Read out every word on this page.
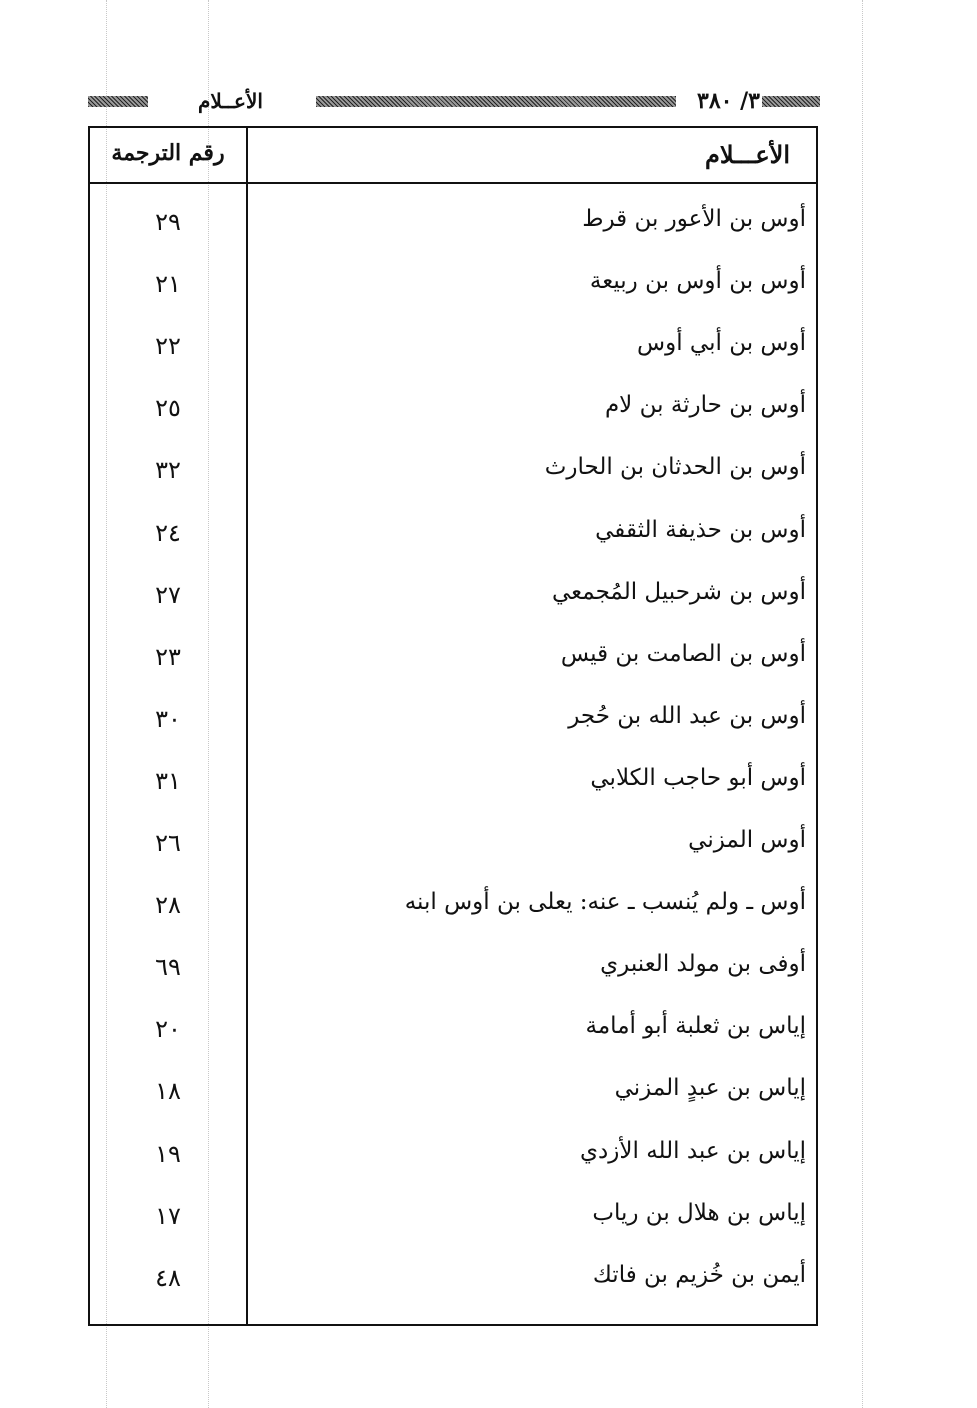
٣/ ٣٨٠
الأعــلام
الأعـــلام
رقم الترجمة
أوس بن الأعور بن قرط
٢٩
أوس بن أوس بن ربيعة
٢١
أوس بن أبي أوس
٢٢
أوس بن حارثة بن لام
٢٥
أوس بن الحدثان بن الحارث
٣٢
أوس بن حذيفة الثقفي
٢٤
أوس بن شرحبيل المُجمعي
٢٧
أوس بن الصامت بن قيس
٢٣
أوس بن عبد الله بن حُجر
٣٠
أوس أبو حاجب الكلابي
٣١
أوس المزني
٢٦
أوس ـ ولم يُنسب ـ عنه: يعلى بن أوس ابنه
٢٨
أوفى بن مولد العنبري
٦٩
إياس بن ثعلبة أبو أمامة
٢٠
إياس بن عبدٍ المزني
١٨
إياس بن عبد الله الأزدي
١٩
إياس بن هلال بن رياب
١٧
أيمن بن خُزيم بن فاتك
٤٨
